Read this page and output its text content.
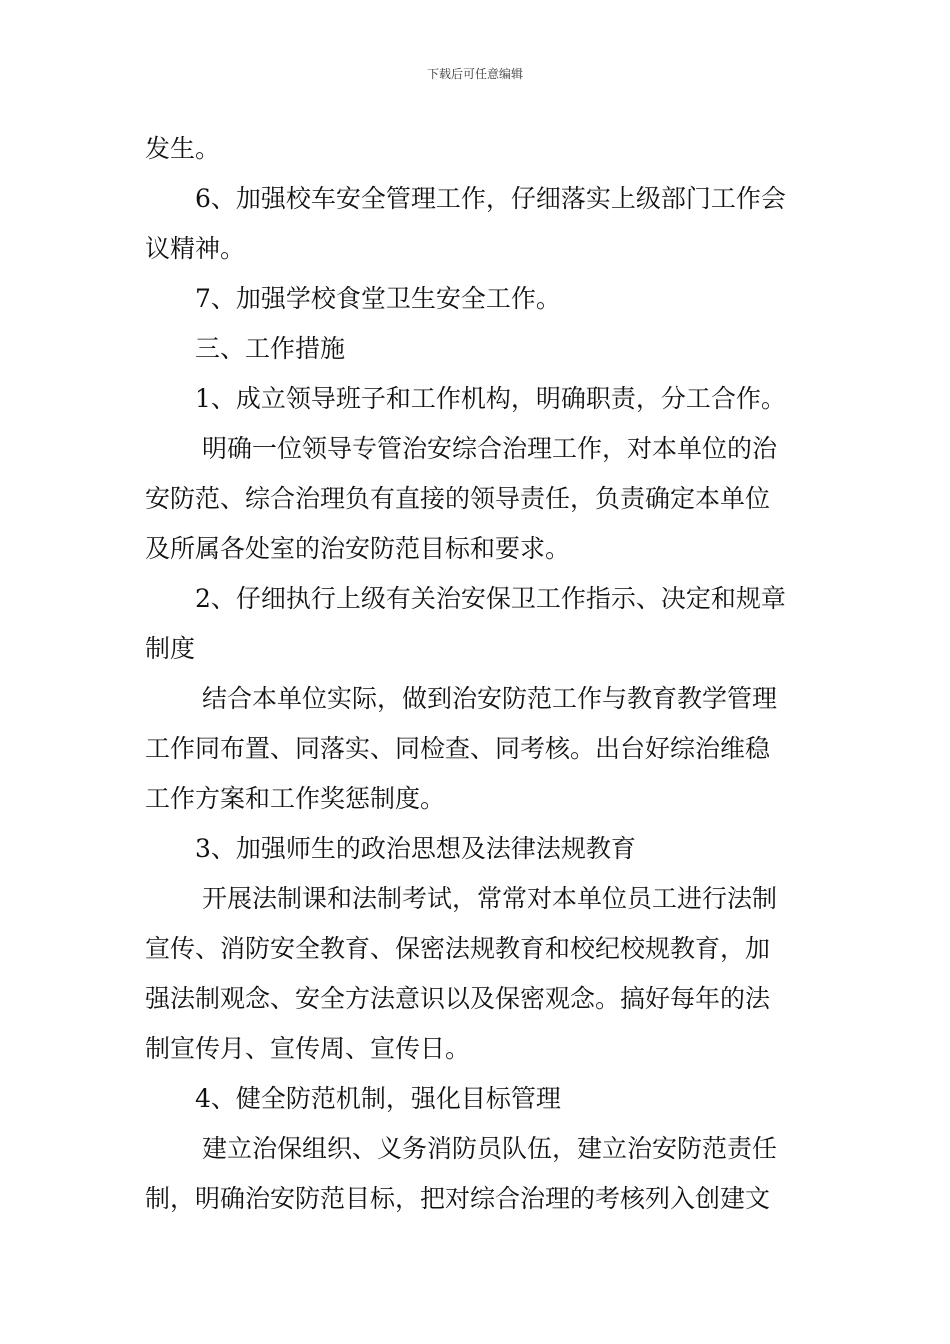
下载后可任意编辑
发生。
6、加强校车安全管理工作，仔细落实上级部门工作会
议精神。
7、加强学校食堂卫生安全工作。
三、工作措施
1、成立领导班子和工作机构，明确职责，分工合作。
明确一位领导专管治安综合治理工作，对本单位的治
安防范、综合治理负有直接的领导责任，负责确定本单位
及所属各处室的治安防范目标和要求。
2、仔细执行上级有关治安保卫工作指示、决定和规章
制度
结合本单位实际，做到治安防范工作与教育教学管理
工作同布置、同落实、同检查、同考核。出台好综治维稳
工作方案和工作奖惩制度。
3、加强师生的政治思想及法律法规教育
开展法制课和法制考试，常常对本单位员工进行法制
宣传、消防安全教育、保密法规教育和校纪校规教育，加
强法制观念、安全方法意识以及保密观念。搞好每年的法
制宣传月、宣传周、宣传日。
4、健全防范机制，强化目标管理
建立治保组织、义务消防员队伍，建立治安防范责任
制，明确治安防范目标，把对综合治理的考核列入创建文
